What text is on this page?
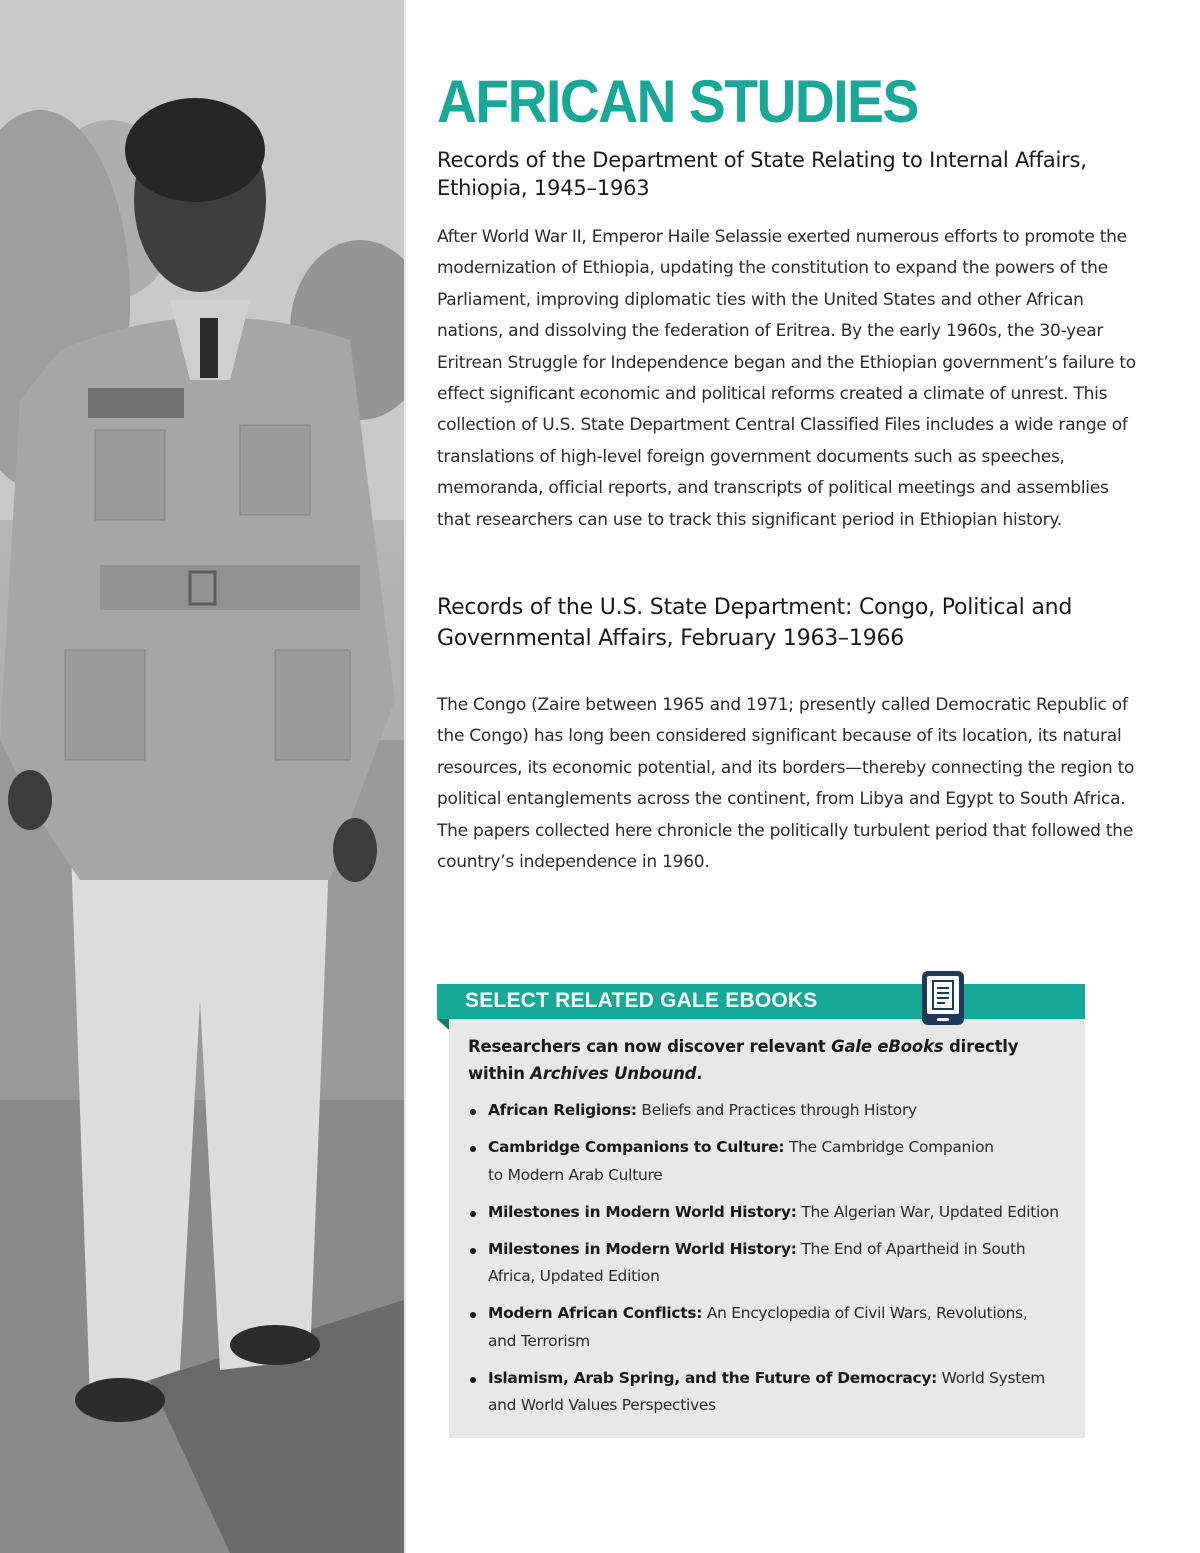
AFRICAN STUDIES
Records of the Department of State Relating to Internal Affairs, Ethiopia, 1945–1963

After World War II, Emperor Haile Selassie exerted numerous efforts to promote the modernization of Ethiopia, updating the constitution to expand the powers of the Parliament, improving diplomatic ties with the United States and other African nations, and dissolving the federation of Eritrea. By the early 1960s, the 30-year Eritrean Struggle for Independence began and the Ethiopian government’s failure to effect significant economic and political reforms created a climate of unrest. This collection of U.S. State Department Central Classified Files includes a wide range of translations of high-level foreign government documents such as speeches, memoranda, official reports, and transcripts of political meetings and assemblies that researchers can use to track this significant period in Ethiopian history.

Records of the U.S. State Department: Congo, Political and Governmental Affairs, February 1963–1966

The Congo (Zaire between 1965 and 1971; presently called Democratic Republic of the Congo) has long been considered significant because of its location, its natural resources, its economic potential, and its borders—thereby connecting the region to political entanglements across the continent, from Libya and Egypt to South Africa. The papers collected here chronicle the politically turbulent period that followed the country’s independence in 1960.

SELECT RELATED GALE EBOOKS

Researchers can now discover relevant Gale eBooks directly within Archives Unbound.

African Religions: Beliefs and Practices through History
Cambridge Companions to Culture: The Cambridge Companion to Modern Arab Culture
Milestones in Modern World History: The Algerian War, Updated Edition
Milestones in Modern World History: The End of Apartheid in South Africa, Updated Edition
Modern African Conflicts: An Encyclopedia of Civil Wars, Revolutions, and Terrorism
Islamism, Arab Spring, and the Future of Democracy: World System and World Values Perspectives
